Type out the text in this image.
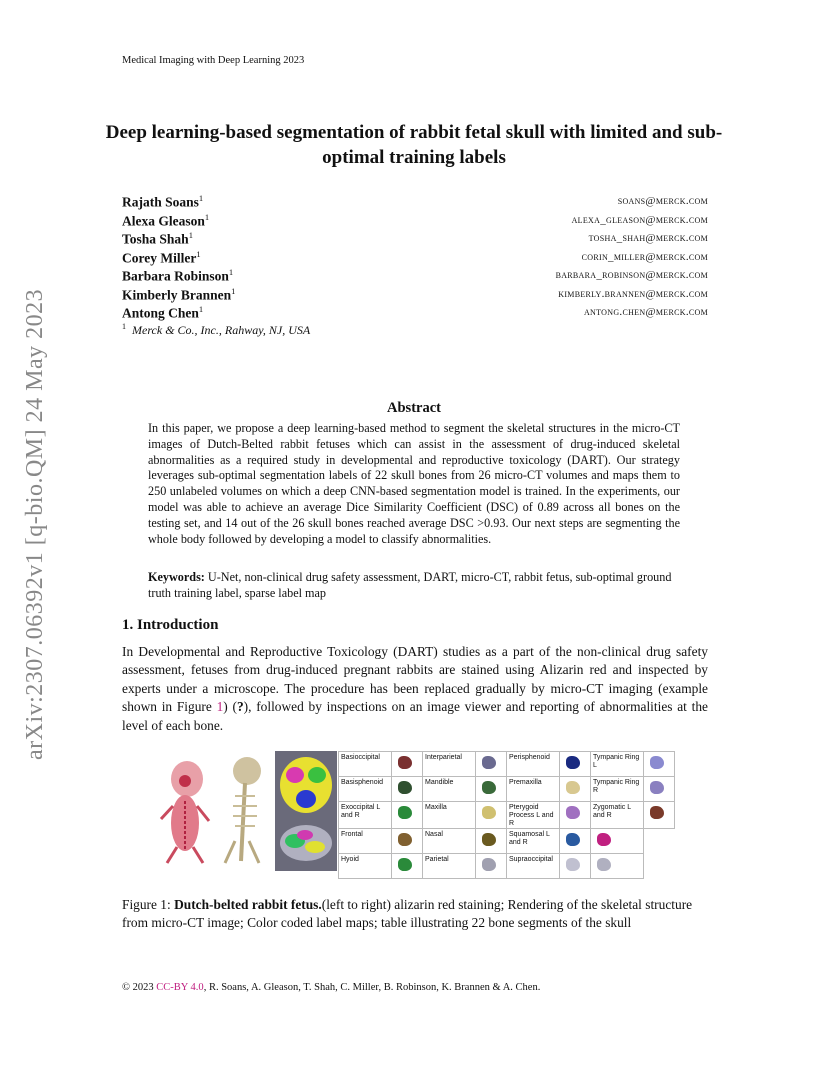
Medical Imaging with Deep Learning 2023
Deep learning-based segmentation of rabbit fetal skull with limited and sub-optimal training labels
Rajath Soans$^1$	soans@merck.com
Alexa Gleason$^1$	alexa_gleason@merck.com
Tosha Shah$^1$	tosha_shah@merck.com
Corey Miller$^1$	corin_miller@merck.com
Barbara Robinson$^1$	barbara_robinson@merck.com
Kimberly Brannen$^1$	kimberly.brannen@merck.com
Antong Chen$^1$	antong.chen@merck.com
$^1$ Merck & Co., Inc., Rahway, NJ, USA
Abstract
In this paper, we propose a deep learning-based method to segment the skeletal structures in the micro-CT images of Dutch-Belted rabbit fetuses which can assist in the assessment of drug-induced skeletal abnormalities as a required study in developmental and reproductive toxicology (DART). Our strategy leverages sub-optimal segmentation labels of 22 skull bones from 26 micro-CT volumes and maps them to 250 unlabeled volumes on which a deep CNN-based segmentation model is trained. In the experiments, our model was able to achieve an average Dice Similarity Coefficient (DSC) of 0.89 across all bones on the testing set, and 14 out of the 26 skull bones reached average DSC >0.93. Our next steps are segmenting the whole body followed by developing a model to classify abnormalities.
Keywords: U-Net, non-clinical drug safety assessment, DART, micro-CT, rabbit fetus, sub-optimal ground truth training label, sparse label map
1. Introduction
In Developmental and Reproductive Toxicology (DART) studies as a part of the non-clinical drug safety assessment, fetuses from drug-induced pregnant rabbits are stained using Alizarin red and inspected by experts under a microscope. The procedure has been replaced gradually by micro-CT imaging (example shown in Figure 1) (?), followed by inspections on an image viewer and reporting of abnormalities at the level of each bone.
arXiv:2307.06392v1 [q-bio.QM] 24 May 2023	Basioccipital		Interparietal		Perisphenoid		Tympanic Ring L	

Basisphenoid		Mandible		Premaxilla		Tympanic Ring R	

Exoccipital L and R		Maxilla		Pterygoid Process L and R		Zygomatic L and R	

Frontal		Nasal		Squamosal L and R		

Hyoid		Parietal		Supraoccipital		

Figure 1: Dutch-belted rabbit fetus.(left to right) alizarin red staining; Rendering of the skeletal structure from micro-CT image; Color coded label maps; table illustrating 22 bone segments of the skull
© 2023 CC-BY 4.0, R. Soans, A. Gleason, T. Shah, C. Miller, B. Robinson, K. Brannen & A. Chen.
